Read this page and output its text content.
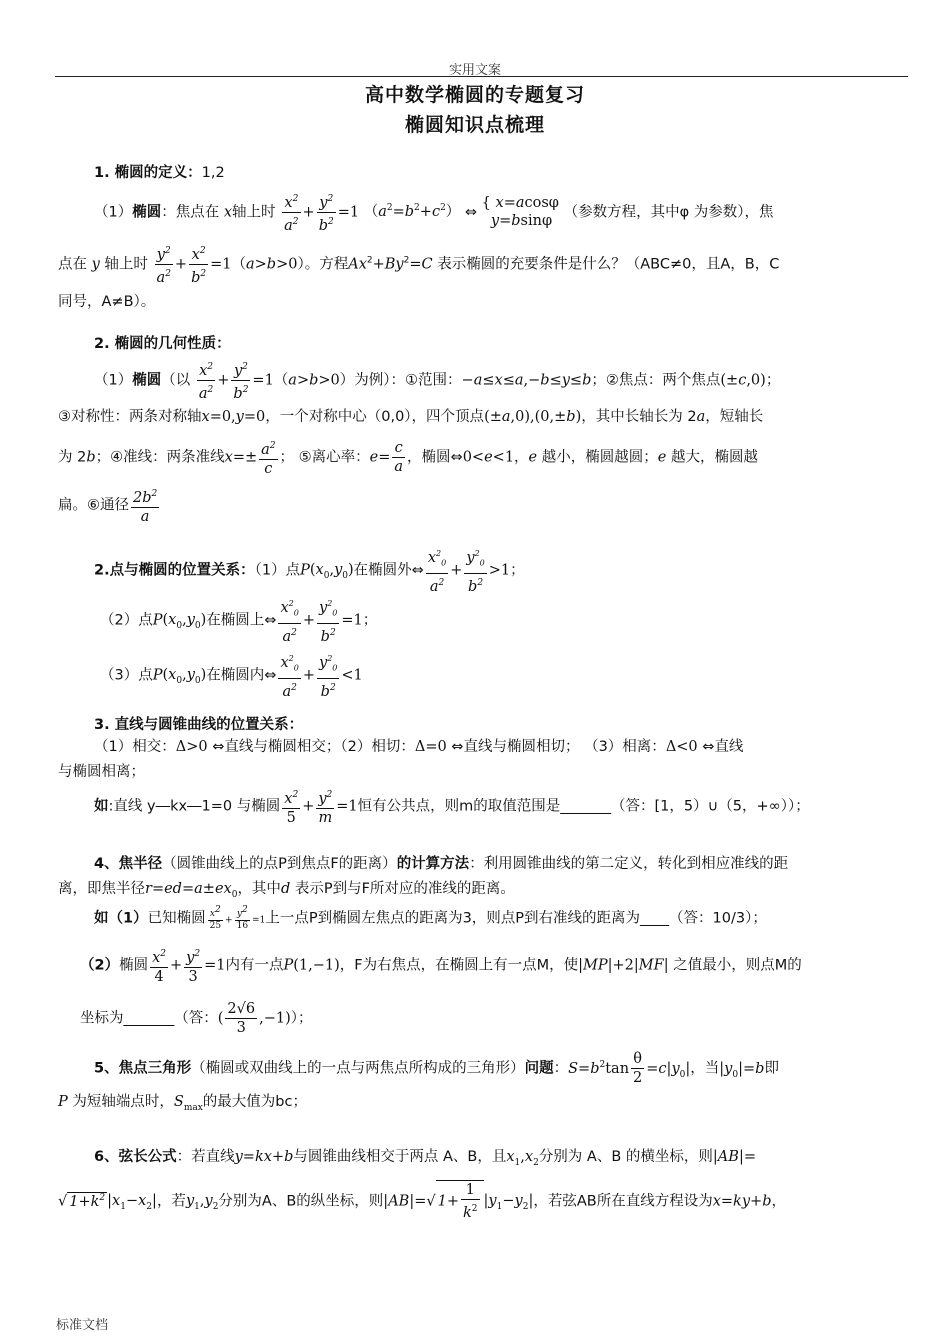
实用文案
高中数学椭圆的专题复习
椭圆知识点梳理
1. 椭圆的定义：1,2
（1）椭圆：焦点在 x轴上时 $\frac{x^2}{a^2} + \frac{y^2}{b^2} =1$ $(a^2=b^2+c^2)$ ⇔
{ x=acosφ
y=bsinφ
（参数方程，其中φ 为参数），焦
点在 y 轴上时 $\frac{y^2}{a^2} + \frac{x^2}{b^2} =1(a>b>0)$。方程$Ax^2+By^2=C$ 表示椭圆的充要条件是什么？（ABC≠0，且A，B，C
同号，A≠B）。
2. 椭圆的几何性质：
（1）椭圆（以 $\frac{x^2}{a^2} + \frac{y^2}{b^2} =1(a>b>0)$为例）：①范围：−a≤x≤a,−b≤y≤b；②焦点：两个焦点(±c,0)；
③对称性：两条对称轴x=0,y=0，一个对称中心（0,0），四个顶点(±a,0),(0,±b)，其中长轴长为 2a，短轴长
为 2b；④准线：两条准线$x=\pm \frac{a^2}{c}$ ； ⑤离心率：$e= \frac{c}{a}$ ，椭圆⇔0<e<1，e 越小，椭圆越圆；e 越大，椭圆越
扁。⑥通径 $\frac{2b^2}{a}$
2.点与椭圆的位置关系：（1）点$P(x_0,y_0)$在椭圆外⇔ $\frac{x^2_0}{a^2} + \frac{y^2_0}{b^2} >1$；
（2）点$P(x_0,y_0)$在椭圆上⇔ $\frac{x^2_0}{a^2} + \frac{y^2_0}{b^2} =1$；
（3）点$P(x_0,y_0)$在椭圆内⇔ $\frac{x^2_0}{a^2} + \frac{y^2_0}{b^2} <1$
3. 直线与圆锥曲线的位置关系：
（1）相交：Δ>0 ⇔直线与椭圆相交；（2）相切：Δ=0 ⇔直线与椭圆相切； （3）相离：Δ<0 ⇔直线
与椭圆相离；
如:直线 y―kx―1=0 与椭圆 $\frac{x^2}{5} + \frac{y^2}{m} =1$恒有公共点，则m的取值范围是_______（答：[1，5）∪（5，+∞））；
4、焦半径（圆锥曲线上的点P到焦点F的距离）的计算方法：利用圆锥曲线的第二定义，转化到相应准线的距
离，即焦半径$r=ed=a\pm ex_0$，其中d 表示P到与F所对应的准线的距离。
如（1）已知椭圆 $\frac{x^2}{25} + \frac{y^2}{16} =1$上一点P到椭圆左焦点的距离为3，则点P到右准线的距离为____（答：10/3）；
（2）椭圆 $\frac{x^2}{4} + \frac{y^2}{3} =1$内有一点P(1,−1)，F为右焦点，在椭圆上有一点M，使|MP|+2|MF| 之值最小，则点M的
坐标为_______（答：( $\frac{2√6}{3} ,-1$)）；
5、焦点三角形（椭圆或双曲线上的一点与两焦点所构成的三角形）问题：$S=b^2\tan \frac{\theta}{2} =c|y_0|$，当$|y_0|=b$即
P 为短轴端点时，$S_{max}$的最大值为bc；
6、弦长公式：若直线y=kx+b与圆锥曲线相交于两点 A、B，且$x_1,x_2$分别为 A、B 的横坐标，则|AB|=
√ $1+k^2$ $|x_1-x_2|$，若$y_1,y_2$分别为A、B的纵坐标，则|AB|=√ $1+ \frac{1}{k^2} |y_1-y_2|$，若弦AB所在直线方程设为x=ky+b，
标准文档
